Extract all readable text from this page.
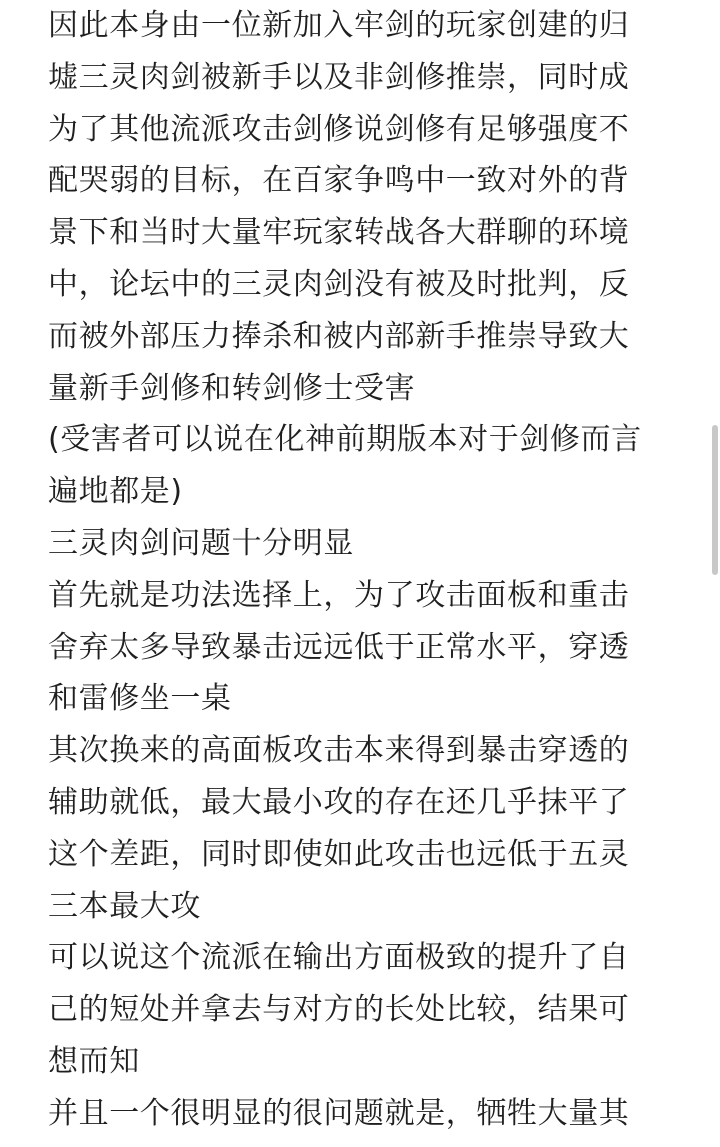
因此本身由一位新加入牢剑的玩家创建的归
墟三灵肉剑被新手以及非剑修推崇，同时成
为了其他流派攻击剑修说剑修有足够强度不
配哭弱的目标，在百家争鸣中一致对外的背
景下和当时大量牢玩家转战各大群聊的环境
中，论坛中的三灵肉剑没有被及时批判，反
而被外部压力捧杀和被内部新手推崇导致大
量新手剑修和转剑修士受害
(受害者可以说在化神前期版本对于剑修而言
遍地都是)
三灵肉剑问题十分明显
首先就是功法选择上，为了攻击面板和重击
舍弃太多导致暴击远远低于正常水平，穿透
和雷修坐一桌
其次换来的高面板攻击本来得到暴击穿透的
辅助就低，最大最小攻的存在还几乎抹平了
这个差距，同时即使如此攻击也远低于五灵
三本最大攻
可以说这个流派在输出方面极致的提升了自
己的短处并拿去与对方的长处比较，结果可
想而知
并且一个很明显的很问题就是，牺牲大量其
